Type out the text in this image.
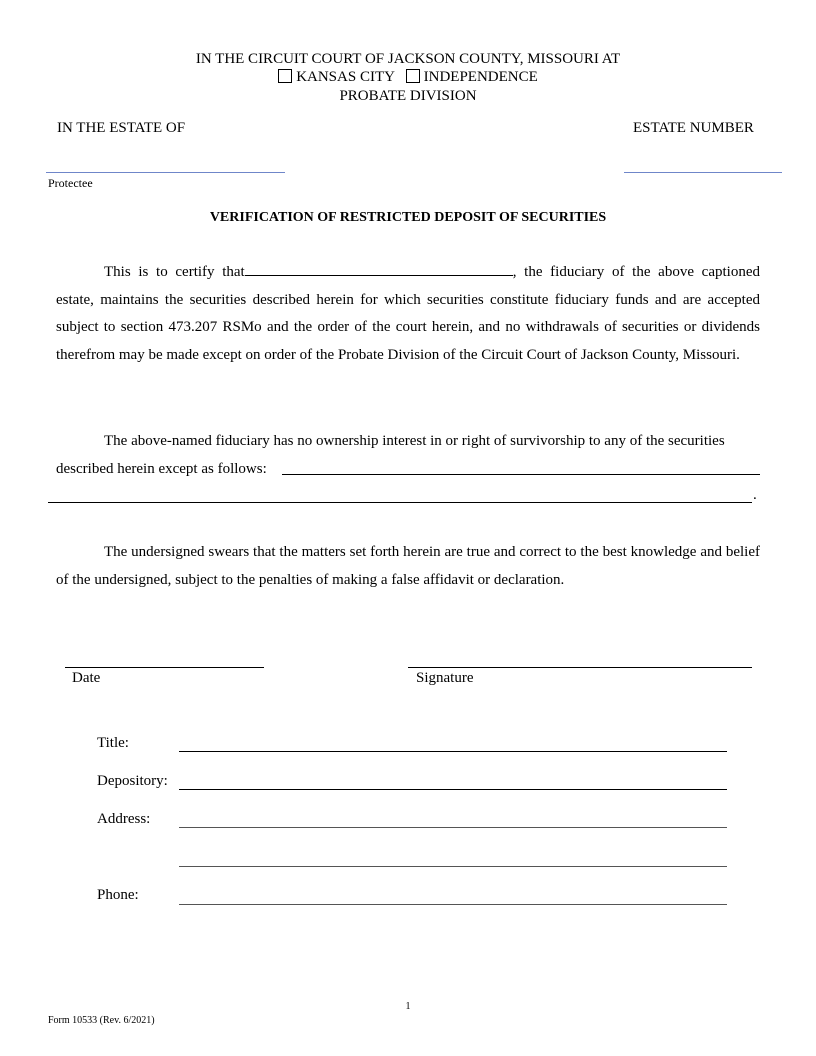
IN THE CIRCUIT COURT OF JACKSON COUNTY, MISSOURI AT
KANSAS CITY INDEPENDENCE
PROBATE DIVISION
IN THE ESTATE OF	ESTATE NUMBER
Protectee
VERIFICATION OF RESTRICTED DEPOSIT OF SECURITIES
This is to certify that	, the fiduciary of the above captioned estate, maintains the securities described herein for which securities constitute fiduciary funds and are accepted subject to section 473.207 RSMo and the order of the court herein, and no withdrawals of securities or dividends therefrom may be made except on order of the Probate Division of the Circuit Court of Jackson County, Missouri.
The above-named fiduciary has no ownership interest in or right of survivorship to any of the securities described herein except as follows:
.
The undersigned swears that the matters set forth herein are true and correct to the best knowledge and belief of the undersigned, subject to the penalties of making a false affidavit or declaration.
Date	Signature
Title:
Depository:
Address:
Phone:
1
Form 10533 (Rev. 6/2021)
